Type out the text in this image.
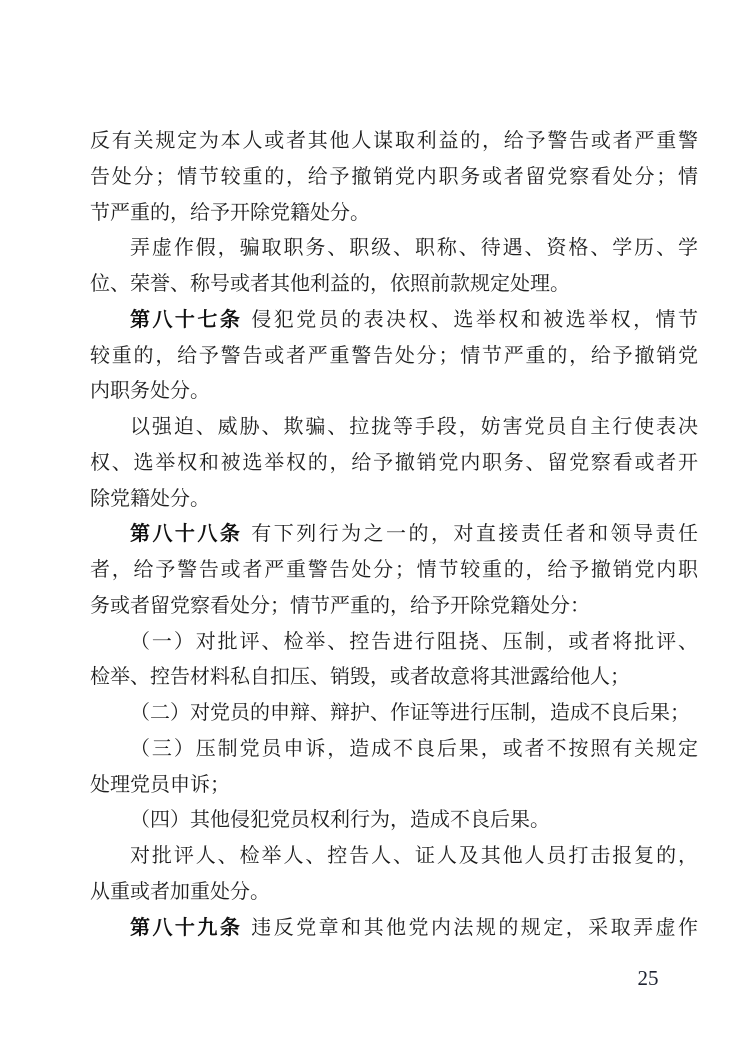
反有关规定为本人或者其他人谋取利益的，给予警告或者严重警
告处分；情节较重的，给予撤销党内职务或者留党察看处分；情
节严重的，给予开除党籍处分。
弄虚作假，骗取职务、职级、职称、待遇、资格、学历、学
位、荣誉、称号或者其他利益的，依照前款规定处理。
第八十七条 侵犯党员的表决权、选举权和被选举权，情节
较重的，给予警告或者严重警告处分；情节严重的，给予撤销党
内职务处分。
以强迫、威胁、欺骗、拉拢等手段，妨害党员自主行使表决
权、选举权和被选举权的，给予撤销党内职务、留党察看或者开
除党籍处分。
第八十八条 有下列行为之一的，对直接责任者和领导责任
者，给予警告或者严重警告处分；情节较重的，给予撤销党内职
务或者留党察看处分；情节严重的，给予开除党籍处分：
（一）对批评、检举、控告进行阻挠、压制，或者将批评、
检举、控告材料私自扣压、销毁，或者故意将其泄露给他人；
（二）对党员的申辩、辩护、作证等进行压制，造成不良后果；
（三）压制党员申诉，造成不良后果，或者不按照有关规定
处理党员申诉；
（四）其他侵犯党员权利行为，造成不良后果。
对批评人、检举人、控告人、证人及其他人员打击报复的，
从重或者加重处分。
第八十九条 违反党章和其他党内法规的规定，采取弄虚作
25
